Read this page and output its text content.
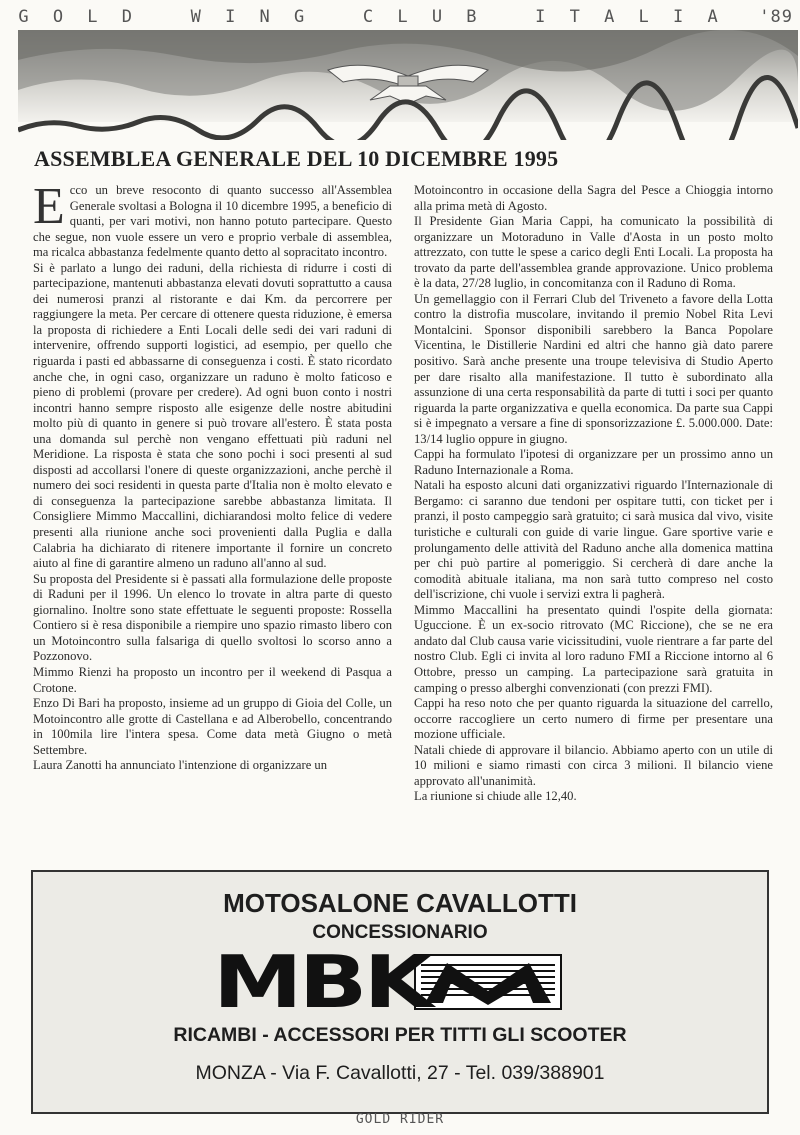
G O L D	W I N G	C L U B	I T A L I A '89
ASSEMBLEA GENERALE DEL 10 DICEMBRE 1995

Ecco un breve resoconto di quanto successo all'Assemblea Generale svoltasi a Bologna il 10 dicembre 1995, a beneficio di quanti, per vari motivi, non hanno potuto partecipare. Questo che segue, non vuole essere un vero e proprio verbale di assemblea, ma ricalca abbastanza fedelmente quanto detto al sopracitato incontro.

Si è parlato a lungo dei raduni, della richiesta di ridurre i costi di partecipazione, mantenuti abbastanza elevati dovuti soprattutto a causa dei numerosi pranzi al ristorante e dai Km. da percorrere per raggiungere la meta. Per cercare di ottenere questa riduzione, è emersa la proposta di richiedere a Enti Locali delle sedi dei vari raduni di intervenire, offrendo supporti logistici, ad esempio, per quello che riguarda i pasti ed abbassarne di conseguenza i costi. È stato ricordato anche che, in ogni caso, organizzare un raduno è molto faticoso e pieno di problemi (provare per credere). Ad ogni buon conto i nostri incontri hanno sempre risposto alle esigenze delle nostre abitudini molto più di quanto in genere si può trovare all'estero. È stata posta una domanda sul perchè non vengano effettuati più raduni nel Meridione. La risposta è stata che sono pochi i soci presenti al sud disposti ad accollarsi l'onere di queste organizzazioni, anche perchè il numero dei soci residenti in questa parte d'Italia non è molto elevato e di conseguenza la partecipazione sarebbe abbastanza limitata. Il Consigliere Mimmo Maccallini, dichiarandosi molto felice di vedere presenti alla riunione anche soci provenienti dalla Puglia e dalla Calabria ha dichiarato di ritenere importante il fornire un concreto aiuto al fine di garantire almeno un raduno all'anno al sud.

Su proposta del Presidente si è passati alla formulazione delle proposte di Raduni per il 1996. Un elenco lo trovate in altra parte di questo giornalino. Inoltre sono state effettuate le seguenti proposte: Rossella Contiero si è resa disponibile a riempire uno spazio rimasto libero con un Motoincontro sulla falsariga di quello svoltosi lo scorso anno a Pozzonovo.

Mimmo Rienzi ha proposto un incontro per il weekend di Pasqua a Crotone.

Enzo Di Bari ha proposto, insieme ad un gruppo di Gioia del Colle, un Motoincontro alle grotte di Castellana e ad Alberobello, concentrando in 100mila lire l'intera spesa. Come data metà Giugno o metà Settembre.

Laura Zanotti ha annunciato l'intenzione di organizzare un

Motoincontro in occasione della Sagra del Pesce a Chioggia intorno alla prima metà di Agosto.

Il Presidente Gian Maria Cappi, ha comunicato la possibilità di organizzare un Motoraduno in Valle d'Aosta in un posto molto attrezzato, con tutte le spese a carico degli Enti Locali. La proposta ha trovato da parte dell'assemblea grande approvazione. Unico problema è la data, 27/28 luglio, in concomitanza con il Raduno di Roma.

Un gemellaggio con il Ferrari Club del Triveneto a favore della Lotta contro la distrofia muscolare, invitando il premio Nobel Rita Levi Montalcini. Sponsor disponibili sarebbero la Banca Popolare Vicentina, le Distillerie Nardini ed altri che hanno già dato parere positivo. Sarà anche presente una troupe televisiva di Studio Aperto per dare risalto alla manifestazione. Il tutto è subordinato alla assunzione di una certa responsabilità da parte di tutti i soci per quanto riguarda la parte organizzativa e quella economica. Da parte sua Cappi si è impegnato a versare a fine di sponsorizzazione £. 5.000.000. Date: 13/14 luglio oppure in giugno.

Cappi ha formulato l'ipotesi di organizzare per un prossimo anno un Raduno Internazionale a Roma.

Natali ha esposto alcuni dati organizzativi riguardo l'Internazionale di Bergamo: ci saranno due tendoni per ospitare tutti, con ticket per i pranzi, il posto campeggio sarà gratuito; ci sarà musica dal vivo, visite turistiche e culturali con guide di varie lingue. Gare sportive varie e prolungamento delle attività del Raduno anche alla domenica mattina per chi può partire al pomeriggio. Si cercherà di dare anche la comodità abituale italiana, ma non sarà tutto compreso nel costo dell'iscrizione, chi vuole i servizi extra li pagherà.

Mimmo Maccallini ha presentato quindi l'ospite della giornata: Uguccione. È un ex-socio ritrovato (MC Riccione), che se ne era andato dal Club causa varie vicissitudini, vuole rientrare a far parte del nostro Club. Egli ci invita al loro raduno FMI a Riccione intorno al 6 Ottobre, presso un camping. La partecipazione sarà gratuita in camping o presso alberghi convenzionati (con prezzi FMI).

Cappi ha reso noto che per quanto riguarda la situazione del carrello, occorre raccogliere un certo numero di firme per presentare una mozione ufficiale.

Natali chiede di approvare il bilancio. Abbiamo aperto con un utile di 10 milioni e siamo rimasti con circa 3 milioni. Il bilancio viene approvato all'unanimità.

La riunione si chiude alle 12,40.

MOTOSALONE CAVALLOTTI
CONCESSIONARIO
MBK
RICAMBI - ACCESSORI PER TITTI GLI SCOOTER
MONZA - Via F. Cavallotti, 27 - Tel. 039/388901
GOLD RIDER
